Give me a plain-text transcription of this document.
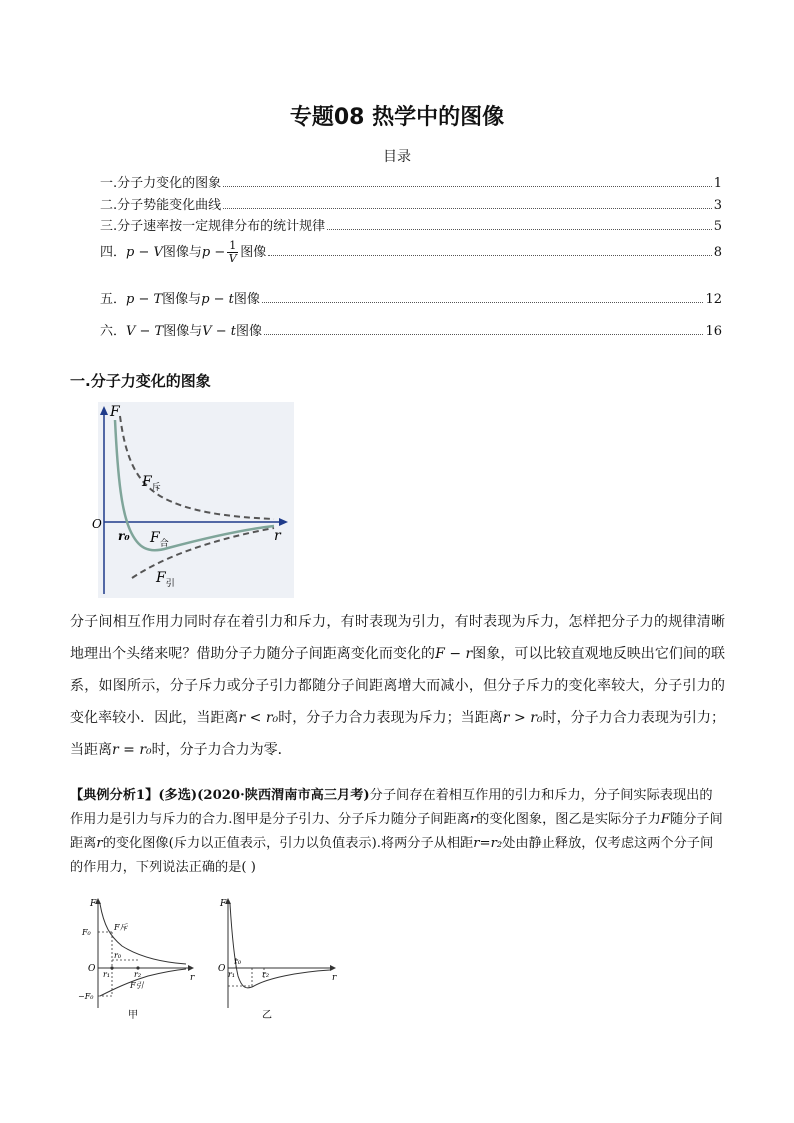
专题08 热学中的图像
目录
一.分子力变化的图象	1
二.分子势能变化曲线	3
三.分子速率按一定规律分布的统计规律	5
四．p − V图像与$p - \frac{1}{V}$ 图像	8
五．p − T图像与p − t图像	12
六．V − T图像与V − t图像	16
一.分子力变化的图象
F
r
O
r₀
$F_斥$
$F_合$
$F_引$
分子间相互作用力同时存在着引力和斥力，有时表现为引力，有时表现为斥力，怎样把分子力的规律清晰地理出个头绪来呢？借助分子力随分子间距离变化而变化的F − r图象，可以比较直观地反映出它们间的联系，如图所示，分子斥力或分子引力都随分子间距离增大而减小，但分子斥力的变化率较大，分子引力的变化率较小．因此，当距离r < r₀时，分子力合力表现为斥力；当距离r > r₀时，分子力合力表现为引力；当距离r = r₀时，分子力合力为零．
【典例分析1】(多选)(2020·陕西渭南市高三月考)分子间存在着相互作用的引力和斥力，分子间实际表现出的作用力是引力与斥力的合力.图甲是分子引力、分子斥力随分子间距离r的变化图象，图乙是实际分子力F随分子间距离r的变化图像(斥力以正值表示，引力以负值表示).将两分子从相距r=r₂处由静止释放，仅考虑这两个分子间的作用力，下列说法正确的是( )
F
F₀
−F₀
O
r
r₀
r₁	r₂
F斥
F引
甲
F
O
r
r₀
r₁	r₂
乙
